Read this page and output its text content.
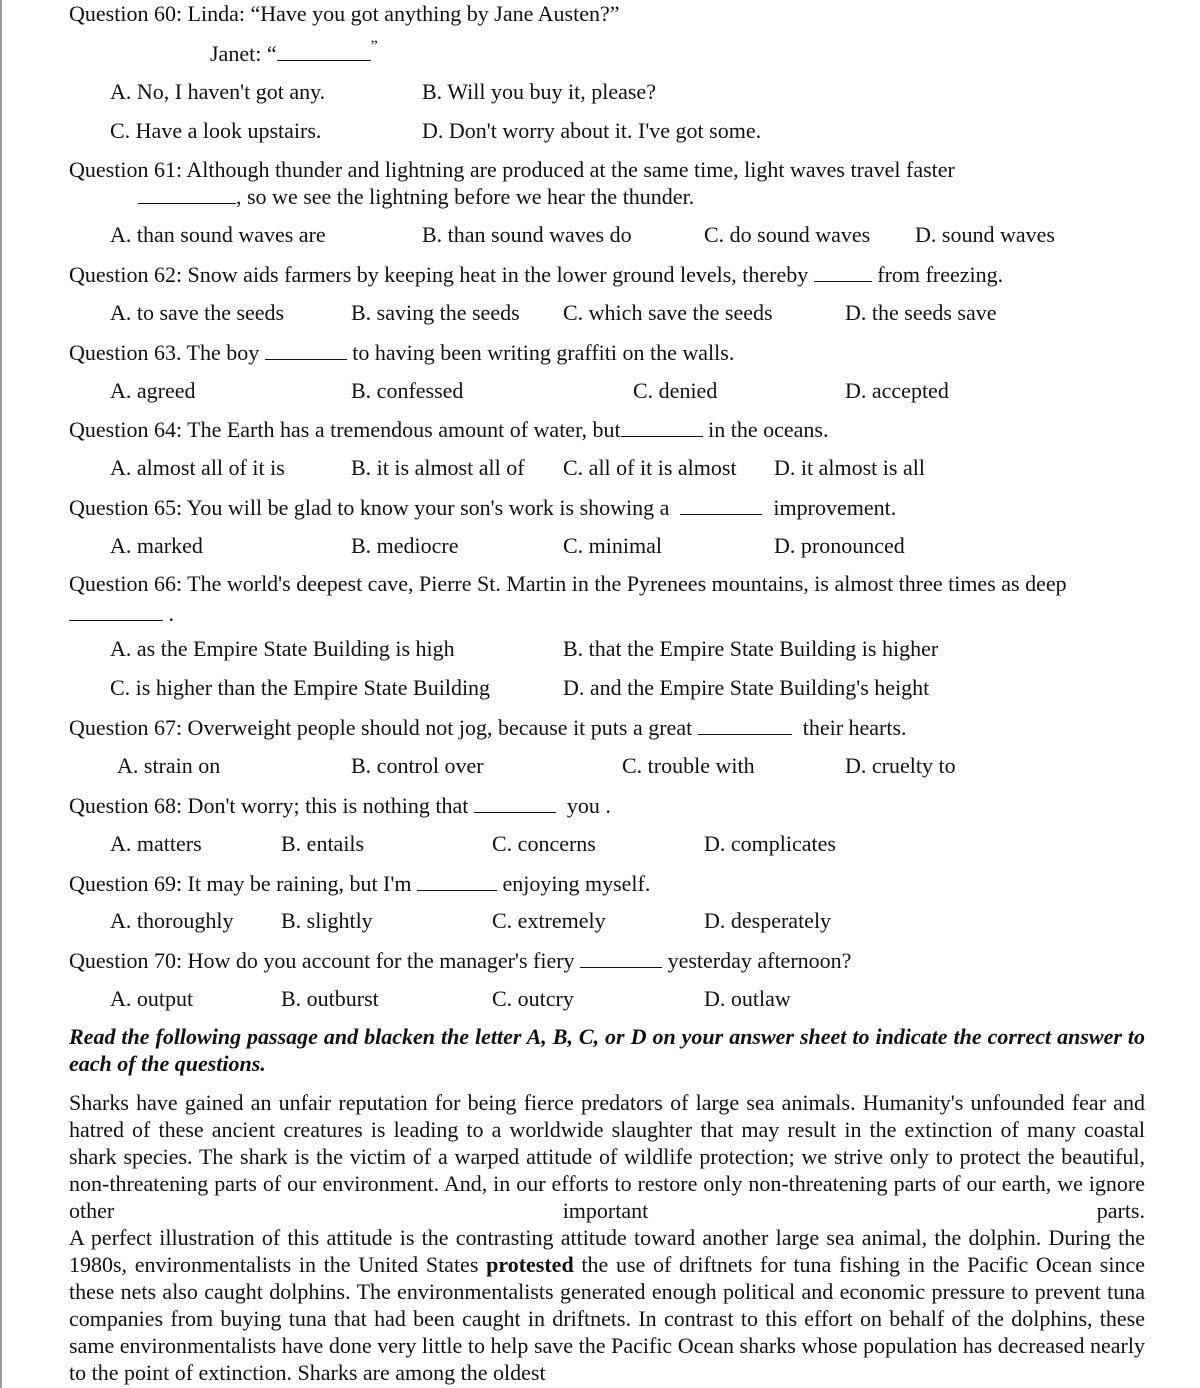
Question 60: Linda: “Have you got anything by Jane Austen?”
Janet: “	”
A. No, I haven't got any.	B. Will you buy it, please?
C. Have a look upstairs.	D. Don't worry about it. I've got some.
Question 61: Although thunder and lightning are produced at the same time, light waves travel faster
, so we see the lightning before we hear the thunder.
A. than sound waves are	B. than sound waves do	C. do sound waves D. sound waves
Question 62: Snow aids farmers by keeping heat in the lower ground levels, thereby	from freezing.
A. to save the seeds	B. saving the seeds C. which save the seeds	D. the seeds save
Question 63. The boy	to having been writing graffiti on the walls.
A. agreed	B. confessed	C. denied	D. accepted
Question 64: The Earth has a tremendous amount of water, but	in the oceans.
A. almost all of it is	B. it is almost all of C. all of it is almost D. it almost is all
Question 65: You will be glad to know your son's work is showing a	improvement.
A. marked	B. mediocre	C. minimal	D. pronounced
Question 66: The world's deepest cave, Pierre St. Martin in the Pyrenees mountains, is almost three times as deep
.
A. as the Empire State Building is high	B. that the Empire State Building is higher
C. is higher than the Empire State Building	D. and the Empire State Building's height
Question 67: Overweight people should not jog, because it puts a great	their hearts.
A. strain on	B. control over	C. trouble with	D. cruelty to
Question 68: Don't worry; this is nothing that	you .
A. matters	B. entails	C. concerns	D. complicates
Question 69: It may be raining, but I'm	enjoying myself.
A. thoroughly B. slightly	C. extremely	D. desperately
Question 70: How do you account for the manager's fiery	yesterday afternoon?
A. output	B. outburst	C. outcry	D. outlaw
Read the following passage and blacken the letter A, B, C, or D on your answer sheet to indicate the correct answer to each of the questions.
Sharks have gained an unfair reputation for being fierce predators of large sea animals. Humanity's unfounded fear and hatred of these ancient creatures is leading to a worldwide slaughter that may result in the extinction of many coastal shark species. The shark is the victim of a warped attitude of wildlife protection; we strive only to protect the beautiful, non-threatening parts of our environment. And, in our efforts to restore only non-threatening parts of our earth, we ignore other important parts.
A perfect illustration of this attitude is the contrasting attitude toward another large sea animal, the dolphin. During the 1980s, environmentalists in the United States protested the use of driftnets for tuna fishing in the Pacific Ocean since these nets also caught dolphins. The environmentalists generated enough political and economic pressure to prevent tuna companies from buying tuna that had been caught in driftnets. In contrast to this effort on behalf of the dolphins, these same environmentalists have done very little to help save the Pacific Ocean sharks whose population has decreased nearly to the point of extinction. Sharks are among the oldest
